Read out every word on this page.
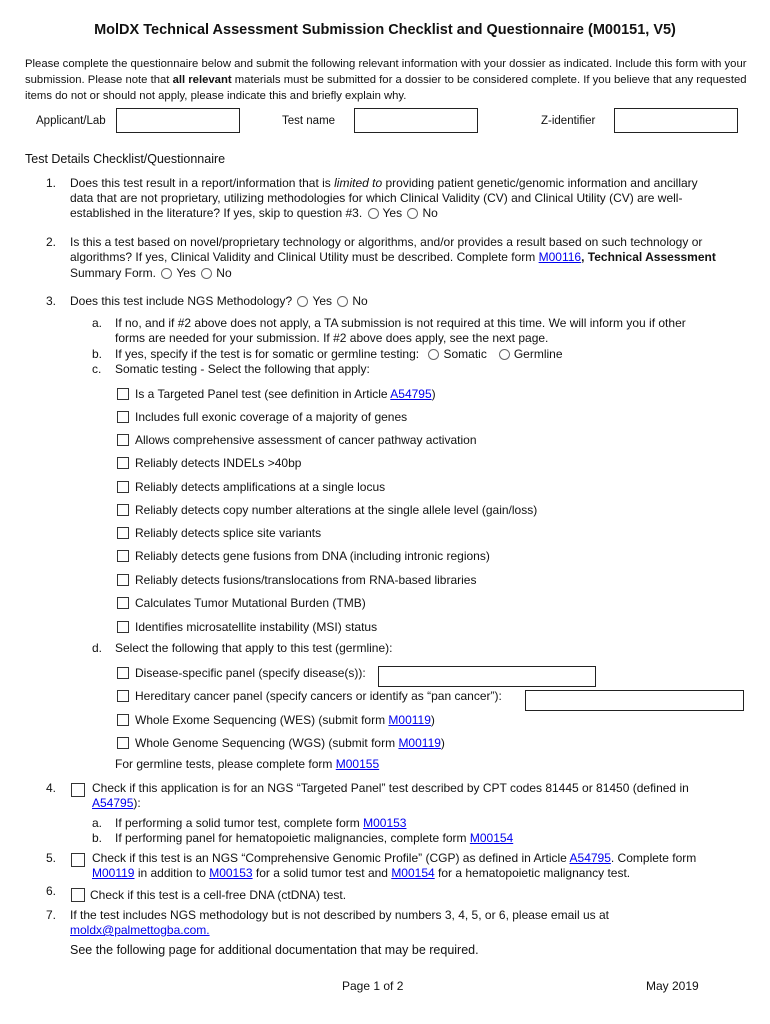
MolDX Technical Assessment Submission Checklist and Questionnaire (M00151, V5)
Please complete the questionnaire below and submit the following relevant information with your dossier as indicated. Include this form with your submission. Please note that all relevant materials must be submitted for a dossier to be considered complete. If you believe that any requested items do not or should not apply, please indicate this and briefly explain why.
Applicant/Lab	Test name	Z-identifier
Test Details Checklist/Questionnaire
1. Does this test result in a report/information that is limited to providing patient genetic/genomic information and ancillary
data that are not proprietary, utilizing methodologies for which Clinical Validity (CV) and Clinical Utility (CV) are well-
established in the literature? If yes, skip to question #3. Yes No
2. Is this a test based on novel/proprietary technology or algorithms, and/or provides a result based on such technology or
algorithms? If yes, Clinical Validity and Clinical Utility must be described. Complete form M00116, Technical Assessment
Summary Form. Yes No
3. Does this test include NGS Methodology? Yes No
a. If no, and if #2 above does not apply, a TA submission is not required at this time. We will inform you if other
forms are needed for your submission. If #2 above does apply, see the next page.
b. If yes, specify if the test is for somatic or germline testing: Somatic Germline
c. Somatic testing - Select the following that apply:
Is a Targeted Panel test (see definition in Article A54795)
Includes full exonic coverage of a majority of genes
Allows comprehensive assessment of cancer pathway activation
Reliably detects INDELs >40bp
Reliably detects amplifications at a single locus
Reliably detects copy number alterations at the single allele level (gain/loss)
Reliably detects splice site variants
Reliably detects gene fusions from DNA (including intronic regions)
Reliably detects fusions/translocations from RNA-based libraries
Calculates Tumor Mutational Burden (TMB)
Identifies microsatellite instability (MSI) status
d. Select the following that apply to this test (germline):
Disease-specific panel (specify disease(s)):
Hereditary cancer panel (specify cancers or identify as “pan cancer”):
Whole Exome Sequencing (WES) (submit form M00119)
Whole Genome Sequencing (WGS) (submit form M00119)
For germline tests, please complete form M00155
4.	Check if this application is for an NGS “Targeted Panel” test described by CPT codes 81445 or 81450 (defined in
A54795):
a. If performing a solid tumor test, complete form M00153
b. If performing panel for hematopoietic malignancies, complete form M00154
5.	Check if this test is an NGS “Comprehensive Genomic Profile” (CGP) as defined in Article A54795. Complete form
M00119 in addition to M00153 for a solid tumor test and M00154 for a hematopoietic malignancy test.
6.	Check if this test is a cell-free DNA (ctDNA) test.
7. If the test includes NGS methodology but is not described by numbers 3, 4, 5, or 6, please email us at
moldx@palmettogba.com.
See the following page for additional documentation that may be required.
Page 1 of 2	May 2019
